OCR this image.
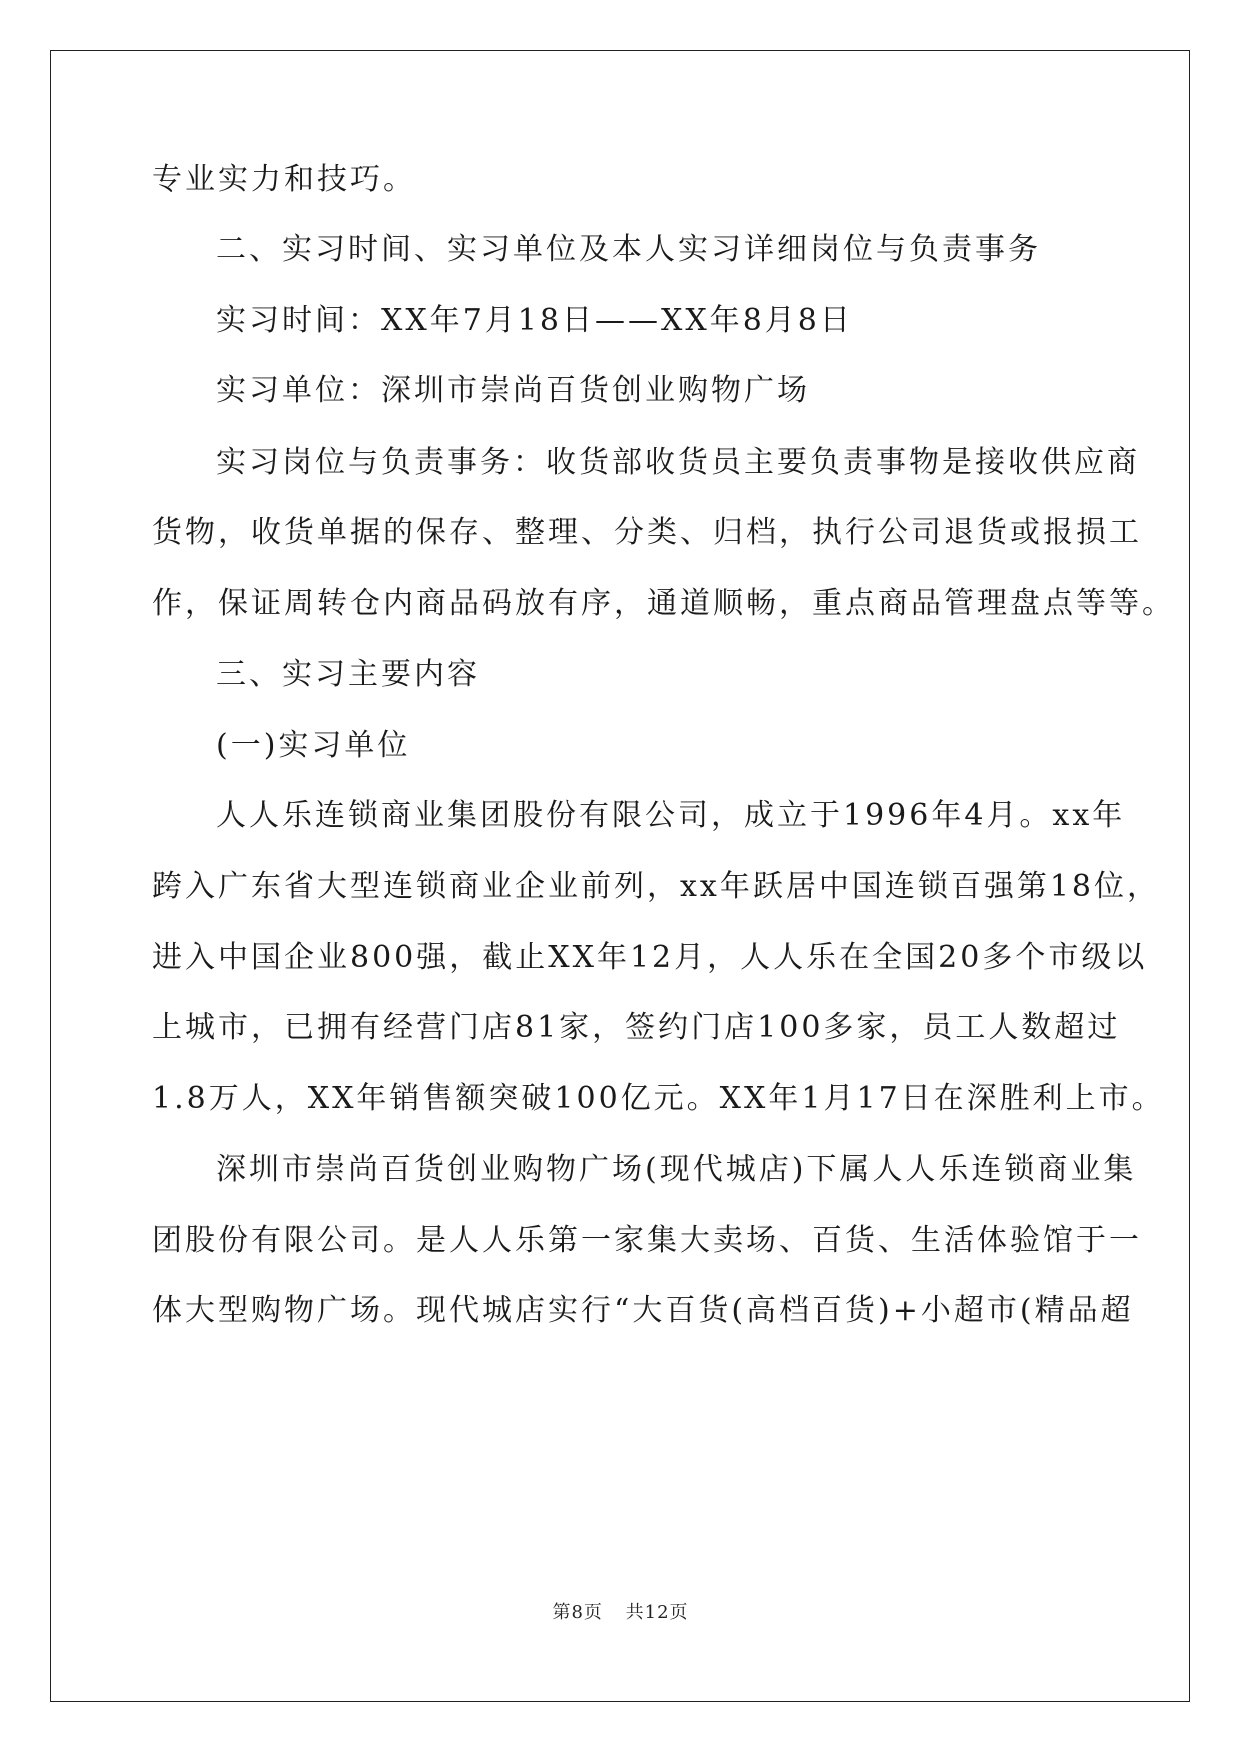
专业实力和技巧。
二、实习时间、实习单位及本人实习详细岗位与负责事务
实习时间：XX年7月18日——XX年8月8日
实习单位：深圳市崇尚百货创业购物广场
实习岗位与负责事务：收货部收货员主要负责事物是接收供应商
货物，收货单据的保存、整理、分类、归档，执行公司退货或报损工
作，保证周转仓内商品码放有序，通道顺畅，重点商品管理盘点等等。
三、实习主要内容
(一)实习单位
人人乐连锁商业集团股份有限公司，成立于1996年4月。xx年
跨入广东省大型连锁商业企业前列，xx年跃居中国连锁百强第18位，
进入中国企业800强，截止XX年12月，人人乐在全国20多个市级以
上城市，已拥有经营门店81家，签约门店100多家，员工人数超过
1.8万人，XX年销售额突破100亿元。XX年1月17日在深胜利上市。
深圳市崇尚百货创业购物广场(现代城店)下属人人乐连锁商业集
团股份有限公司。是人人乐第一家集大卖场、百货、生活体验馆于一
体大型购物广场。现代城店实行“大百货(高档百货)+小超市(精品超
第8页 共12页
